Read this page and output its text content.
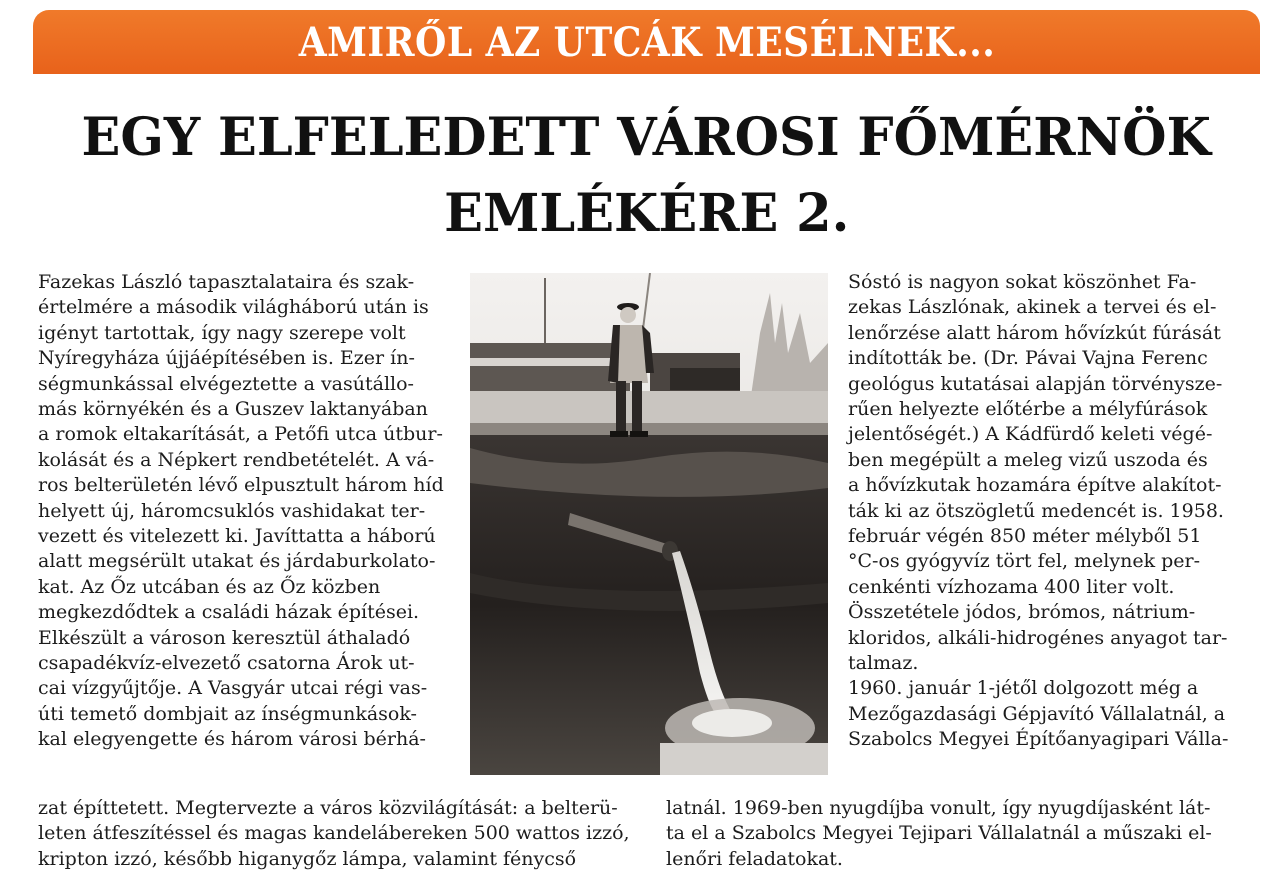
AMIRŐL AZ UTCÁK MESÉLNEK...
EGY ELFELEDETT VÁROSI FŐMÉRNÖK
EMLÉKÉRE 2.
Fazekas László tapasztalataira és szak-
értelmére a második világháború után is
igényt tartottak, így nagy szerepe volt
Nyíregyháza újjáépítésében is. Ezer ín-
ségmunkással elvégeztette a vasútállo-
más környékén és a Guszev laktanyában
a romok eltakarítását, a Petőfi utca útbur-
kolását és a Népkert rendbetételét. A vá-
ros belterületén lévő elpusztult három híd
helyett új, háromcsuklós vashidakat ter-
vezett és vitelezett ki. Javíttatta a háború
alatt megsérült utakat és járdaburkolato-
kat. Az Őz utcában és az Őz közben
megkezdődtek a családi házak építései.
Elkészült a városon keresztül áthaladó
csapadékvíz-elvezető csatorna Árok ut-
cai vízgyűjtője. A Vasgyár utcai régi vas-
úti temető dombjait az ínségmunkások-
kal elegyengette és három városi bérhá-
zat építtetett. Megtervezte a város közvilágítását: a belterü-
leten átfeszítéssel és magas kandelábereken 500 wattos izzó,
kripton izzó, később higanygőz lámpa, valamint fénycső
Sóstó is nagyon sokat köszönhet Fa-
zekas Lászlónak, akinek a tervei és el-
lenőrzése alatt három hővízkút fúrását
indították be. (Dr. Pávai Vajna Ferenc
geológus kutatásai alapján törvénysze-
rűen helyezte előtérbe a mélyfúrások
jelentőségét.) A Kádfürdő keleti végé-
ben megépült a meleg vizű uszoda és
a hővízkutak hozamára építve alakítot-
ták ki az ötszögletű medencét is. 1958.
február végén 850 méter mélyből 51
°C-os gyógyvíz tört fel, melynek per-
cenkénti vízhozama 400 liter volt.
Összetétele jódos, brómos, nátrium-
kloridos, alkáli-hidrogénes anyagot tar-
talmaz.
1960. január 1-jétől dolgozott még a
Mezőgazdasági Gépjavító Vállalatnál, a
Szabolcs Megyei Építőanyagipari Válla-
latnál. 1969-ben nyugdíjba vonult, így nyugdíjasként lát-
ta el a Szabolcs Megyei Tejipari Vállalatnál a műszaki el-
lenőri feladatokat.
